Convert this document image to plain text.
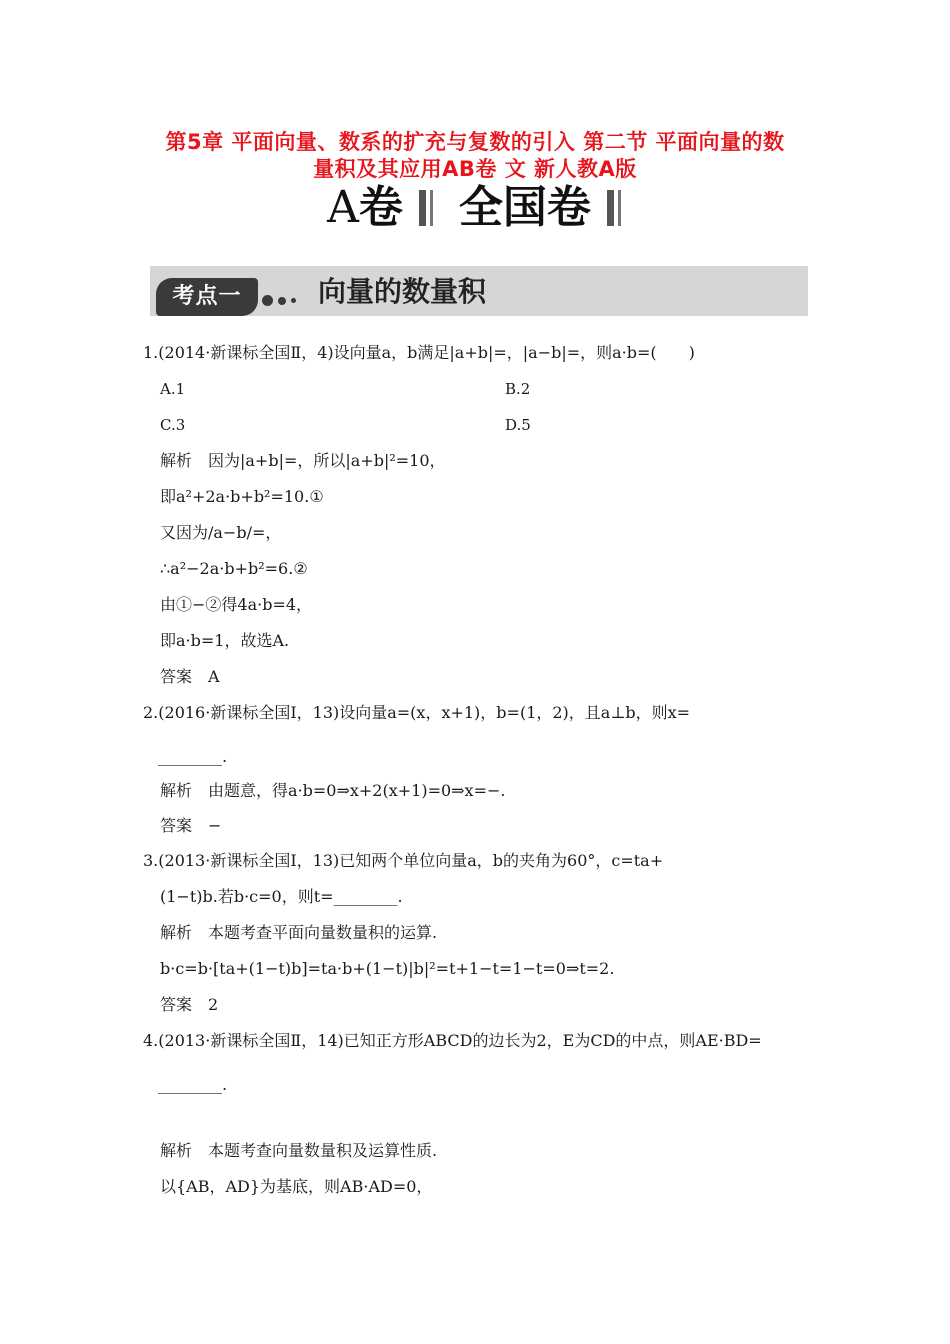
第5章 平面向量、数系的扩充与复数的引入 第二节 平面向量的数
量积及其应用AB卷 文 新人教A版
A卷 全国卷
考点一	向量的数量积
1.(2014·新课标全国Ⅱ，4)设向量a，b满足|a+b|=，|a−b|=，则a·b=(　　)
A.1	B.2
C.3	D.5
解析　因为|a+b|=，所以|a+b|²=10，
即a²+2a·b+b²=10.①
又因为/a−b/=，
∴a²−2a·b+b²=6.②
由①−②得4a·b=4，
即a·b=1，故选A.
答案　A
2.(2016·新课标全国Ⅰ，13)设向量a=(x，x+1)，b=(1，2)，且a⊥b，则x=
________.
解析　由题意，得a·b=0⇒x+2(x+1)=0⇒x=−.
答案　−
3.(2013·新课标全国Ⅰ，13)已知两个单位向量a，b的夹角为60°，c=ta+
(1−t)b.若b·c=0，则t=________.
解析　本题考查平面向量数量积的运算.
b·c=b·[ta+(1−t)b]=ta·b+(1−t)|b|²=t+1−t=1−t=0⇒t=2.
答案　2
4.(2013·新课标全国Ⅱ，14)已知正方形ABCD的边长为2，E为CD的中点，则AE·BD=
________.
解析　本题考查向量数量积及运算性质.
以{AB，AD}为基底，则AB·AD=0，
